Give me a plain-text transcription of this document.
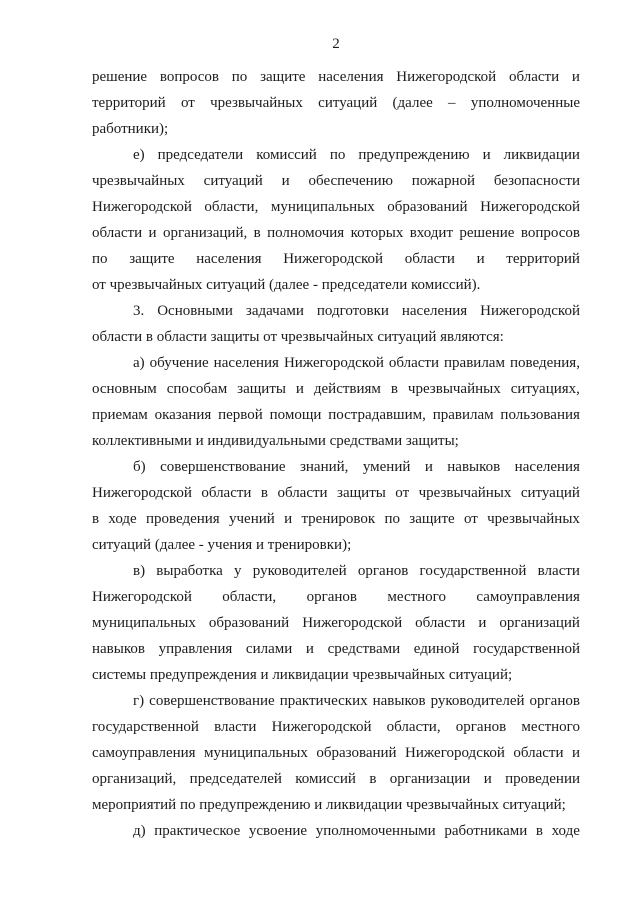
2
решение вопросов по защите населения Нижегородской области и
территорий от чрезвычайных ситуаций (далее – уполномоченные
работники);
е) председатели комиссий по предупреждению и ликвидации
чрезвычайных ситуаций и обеспечению пожарной безопасности
Нижегородской области, муниципальных образований Нижегородской
области и организаций, в полномочия которых входит решение вопросов
по защите населения Нижегородской области и территорий
от чрезвычайных ситуаций (далее - председатели комиссий).
3. Основными задачами подготовки населения Нижегородской
области в области защиты от чрезвычайных ситуаций являются:
а) обучение населения Нижегородской области правилам поведения,
основным способам защиты и действиям в чрезвычайных ситуациях,
приемам оказания первой помощи пострадавшим, правилам пользования
коллективными и индивидуальными средствами защиты;
б) совершенствование знаний, умений и навыков населения
Нижегородской области в области защиты от чрезвычайных ситуаций
в ходе проведения учений и тренировок по защите от чрезвычайных
ситуаций (далее - учения и тренировки);
в) выработка у руководителей органов государственной власти
Нижегородской области, органов местного самоуправления
муниципальных образований Нижегородской области и организаций
навыков управления силами и средствами единой государственной
системы предупреждения и ликвидации чрезвычайных ситуаций;
г) совершенствование практических навыков руководителей органов
государственной власти Нижегородской области, органов местного
самоуправления муниципальных образований Нижегородской области и
организаций, председателей комиссий в организации и проведении
мероприятий по предупреждению и ликвидации чрезвычайных ситуаций;
д) практическое усвоение уполномоченными работниками в ходе
